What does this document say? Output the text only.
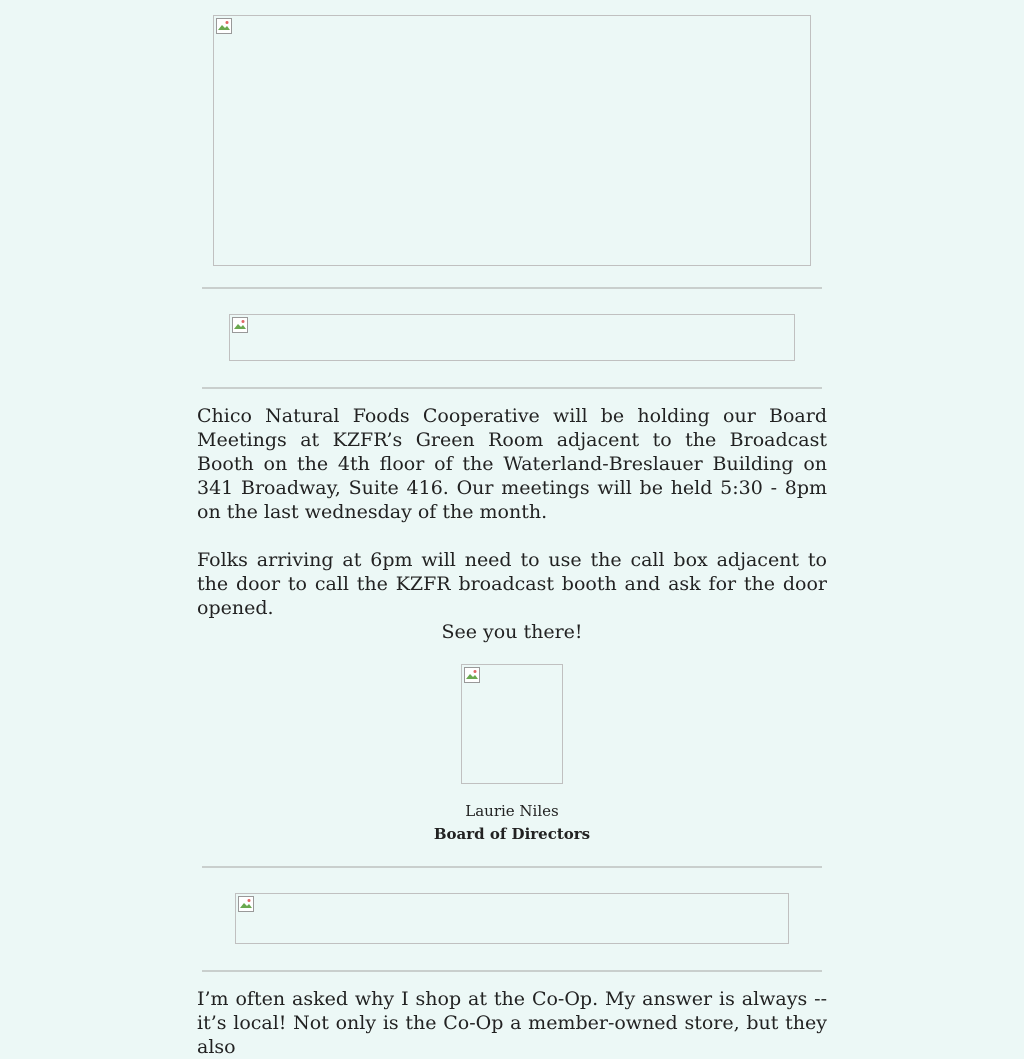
Chico Natural Foods Cooperative will be holding our Board Meetings at KZFR’s Green Room adjacent to the Broadcast Booth on the 4th floor of the Waterland-Breslauer Building on 341 Broadway, Suite 416. Our meetings will be held 5:30 - 8pm on the last wednesday of the month.

Folks arriving at 6pm will need to use the call box adjacent to the door to call the KZFR broadcast booth and ask for the door opened.

See you there!

Laurie Niles

Board of Directors

I’m often asked why I shop at the Co-Op. My answer is always -- it’s local! Not only is the Co-Op a member-owned store, but they also
